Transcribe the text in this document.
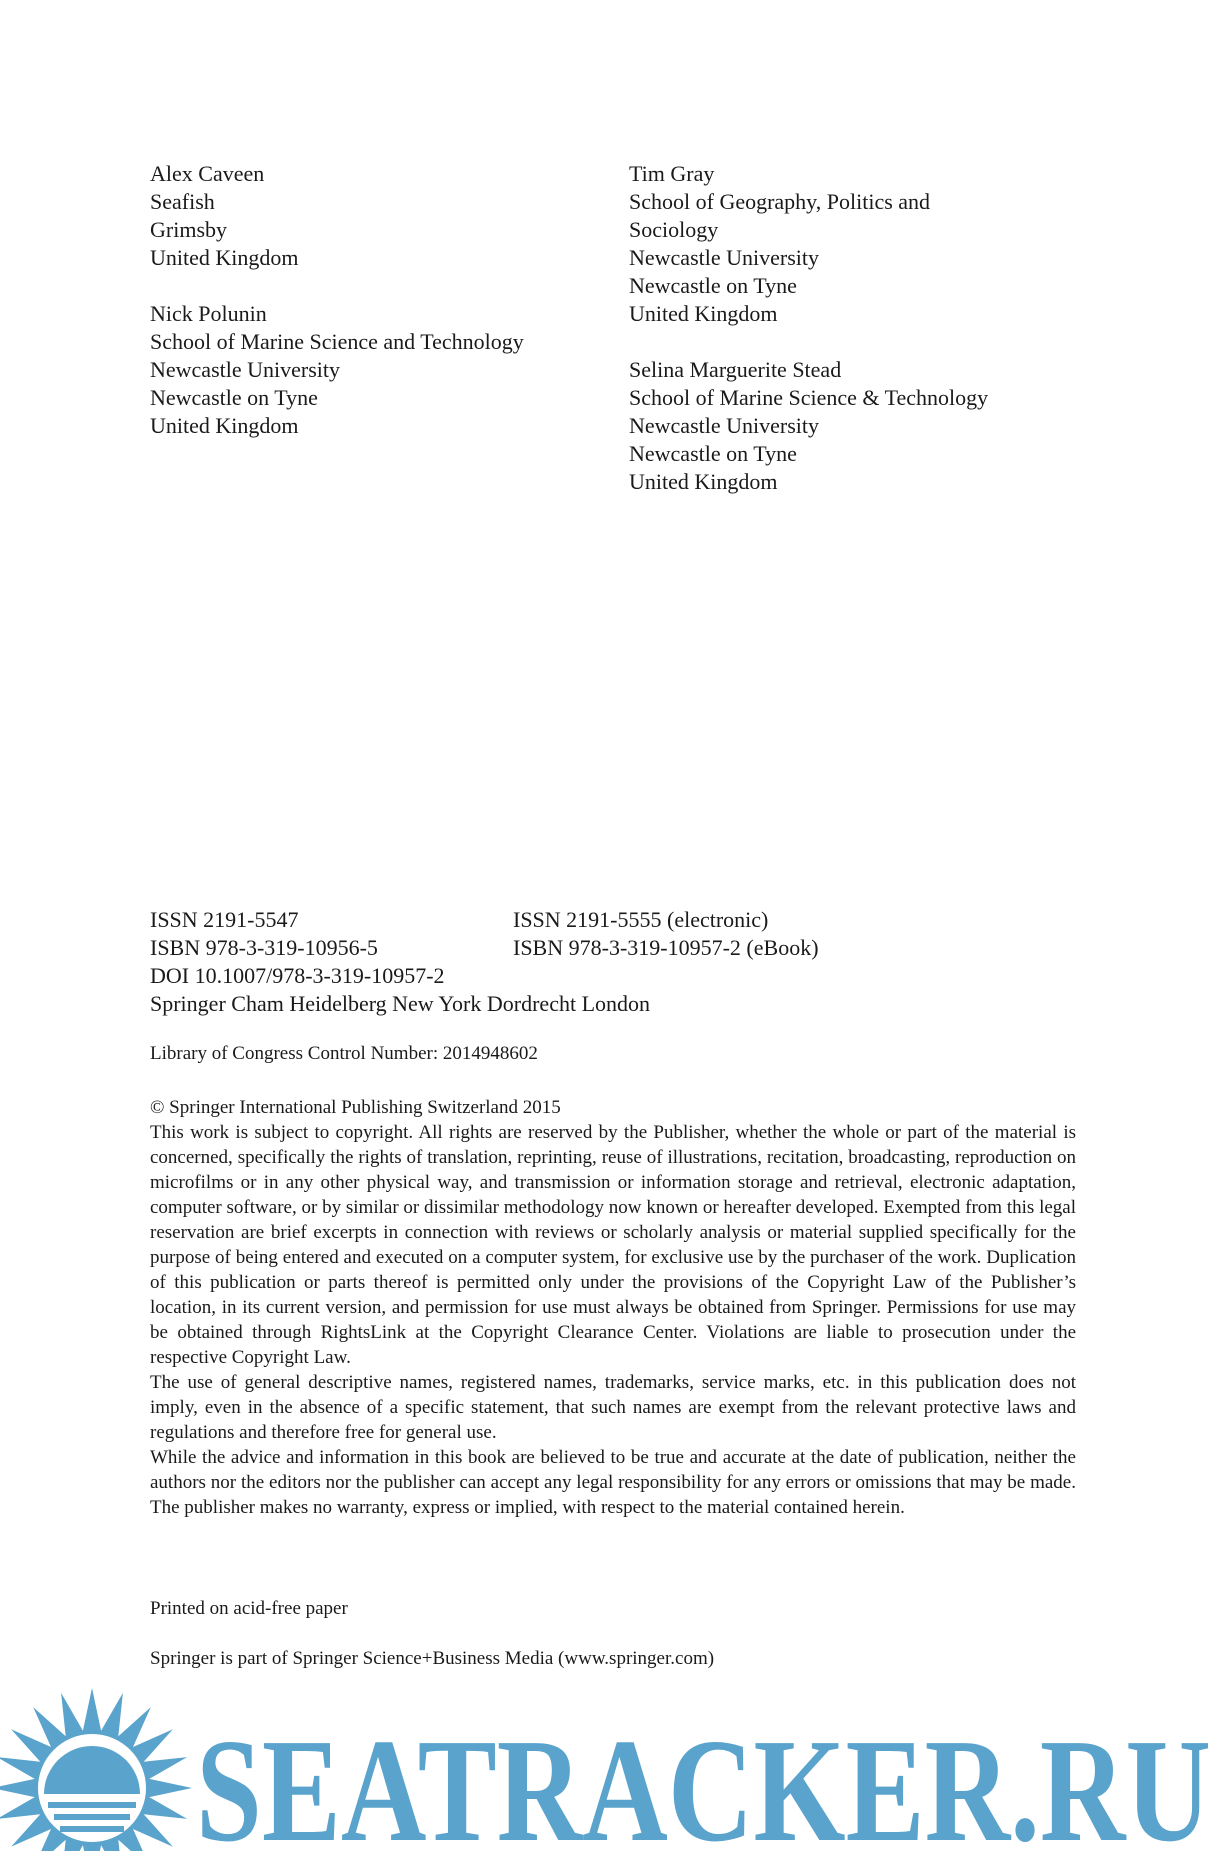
Alex Caveen
Seafish
Grimsby
United Kingdom
Nick Polunin
School of Marine Science and Technology
Newcastle University
Newcastle on Tyne
United Kingdom
Tim Gray
School of Geography, Politics and
Sociology
Newcastle University
Newcastle on Tyne
United Kingdom
Selina Marguerite Stead
School of Marine Science & Technology
Newcastle University
Newcastle on Tyne
United Kingdom
ISSN 2191-5547	ISSN 2191-5555 (electronic)
ISBN 978-3-319-10956-5	ISBN 978-3-319-10957-2 (eBook)
DOI 10.1007/978-3-319-10957-2
Springer Cham Heidelberg New York Dordrecht London
Library of Congress Control Number: 2014948602

© Springer International Publishing Switzerland 2015

This work is subject to copyright. All rights are reserved by the Publisher, whether the whole or part of the material is concerned, specifically the rights of translation, reprinting, reuse of illustrations, recitation, broadcasting, reproduction on microfilms or in any other physical way, and transmission or information storage and retrieval, electronic adaptation, computer software, or by similar or dissimilar methodology now known or hereafter developed. Exempted from this legal reservation are brief excerpts in connection with reviews or scholarly analysis or material supplied specifically for the purpose of being entered and executed on a computer system, for exclusive use by the purchaser of the work. Duplication of this publication or parts thereof is permitted only under the provisions of the Copyright Law of the Publisher’s location, in its current version, and permission for use must always be obtained from Springer. Permissions for use may be obtained through RightsLink at the Copyright Clearance Center. Violations are liable to prosecution under the respective Copyright Law.

The use of general descriptive names, registered names, trademarks, service marks, etc. in this publication does not imply, even in the absence of a specific statement, that such names are exempt from the relevant protective laws and regulations and therefore free for general use.

While the advice and information in this book are believed to be true and accurate at the date of publication, neither the authors nor the editors nor the publisher can accept any legal responsibility for any errors or omissions that may be made. The publisher makes no warranty, express or implied, with respect to the material contained herein.

Printed on acid-free paper
Springer is part of Springer Science+Business Media (www.springer.com)
SEATRACKER.RU
